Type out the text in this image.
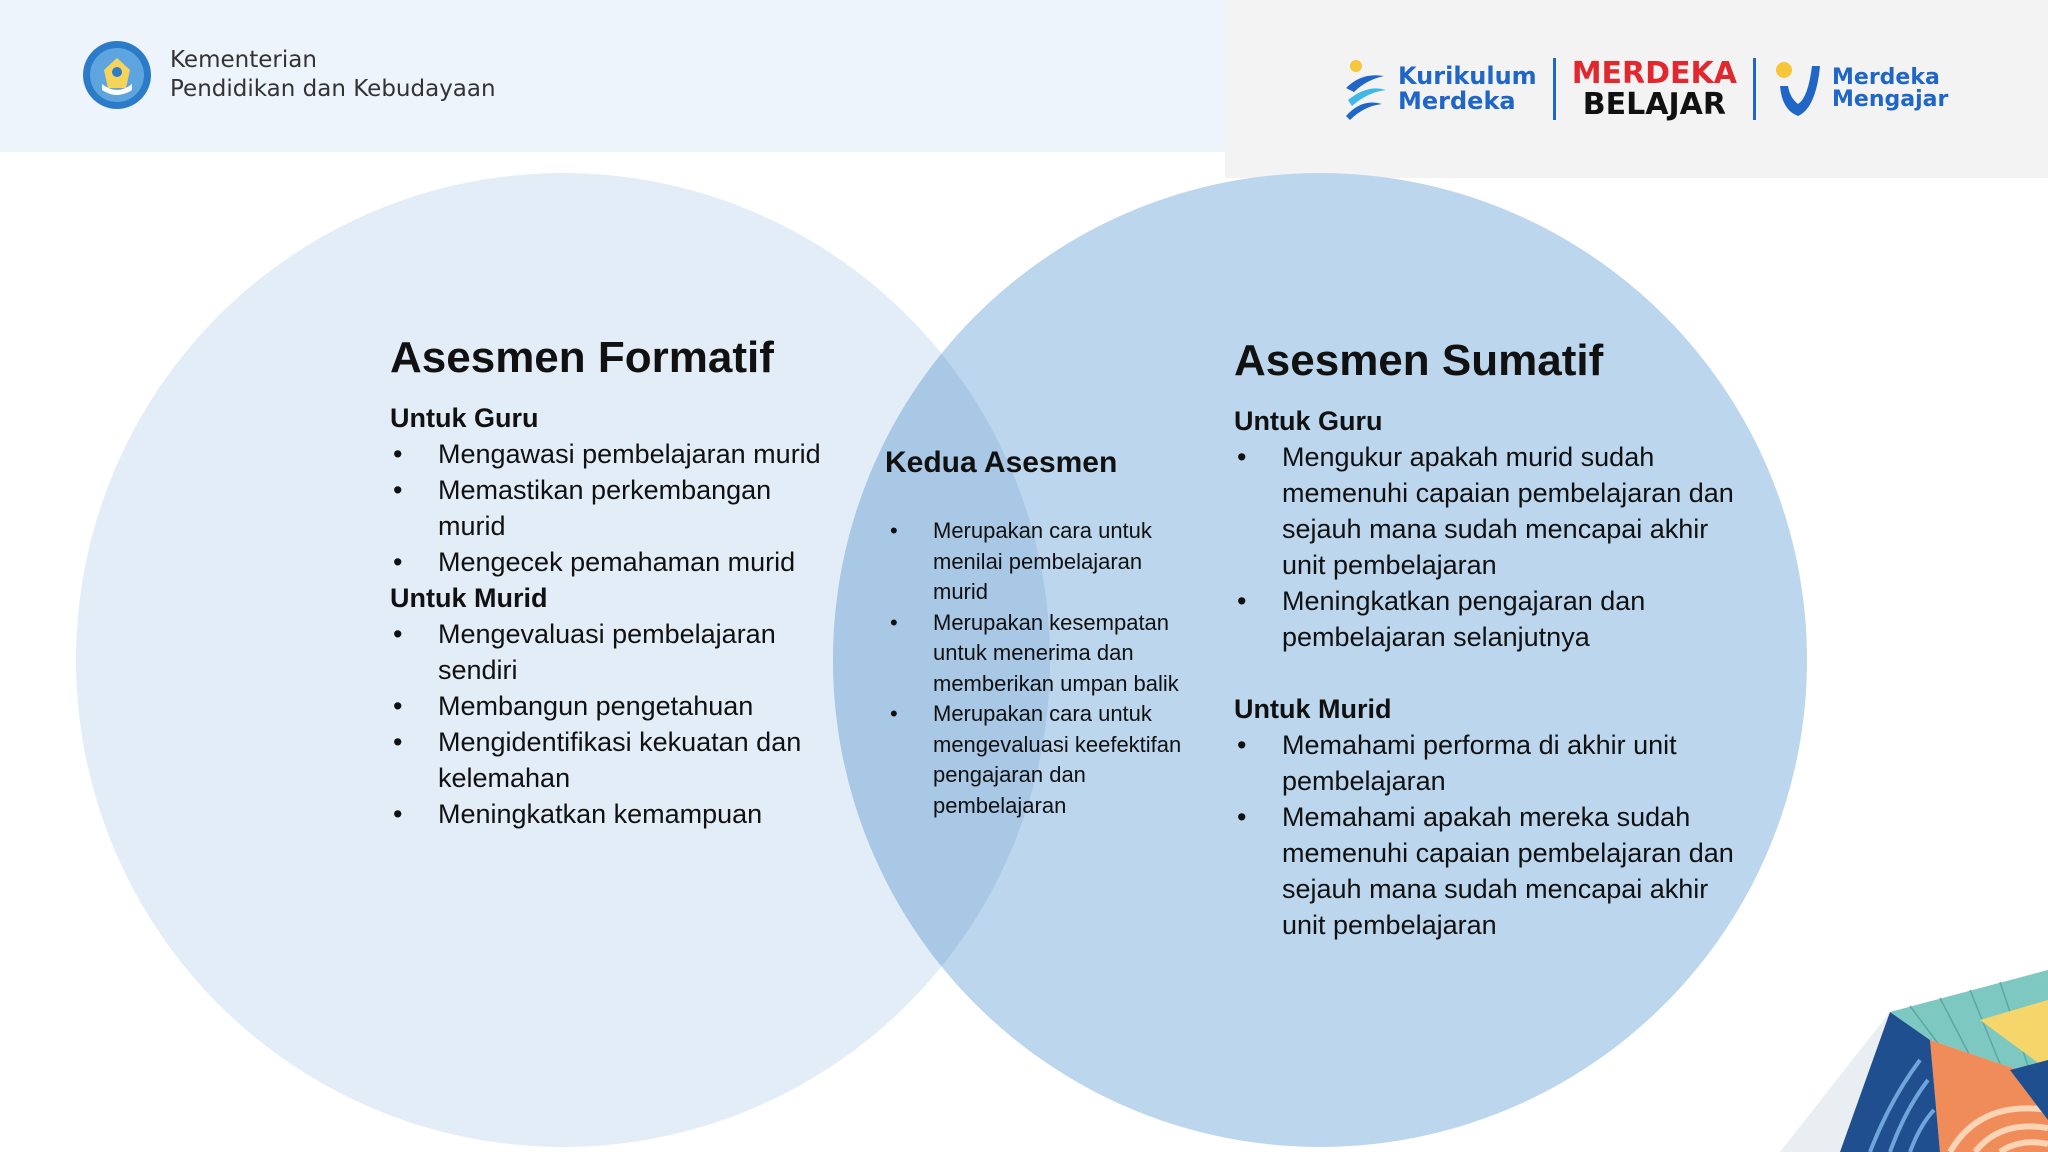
Kementerian
Pendidikan dan Kebudayaan	Kurikulum
Merdeka
MERDEKA
BELAJAR
Merdeka
Mengajar
Asesmen Formatif
Untuk Guru
• Mengawasi pembelajaran murid
• Memastikan perkembangan murid
• Mengecek pemahaman murid
Untuk Murid
• Mengevaluasi pembelajaran sendiri
• Membangun pengetahuan
• Mengidentifikasi kekuatan dan kelemahan
• Meningkatkan kemampuan
Kedua Asesmen
• Merupakan cara untuk menilai pembelajaran murid
• Merupakan kesempatan untuk menerima dan memberikan umpan balik
• Merupakan cara untuk mengevaluasi keefektifan pengajaran dan pembelajaran
Asesmen Sumatif
Untuk Guru
• Mengukur apakah murid sudah memenuhi capaian pembelajaran dan sejauh mana sudah mencapai akhir unit pembelajaran
• Meningkatkan pengajaran dan pembelajaran selanjutnya
Untuk Murid
• Memahami performa di akhir unit pembelajaran
• Memahami apakah mereka sudah memenuhi capaian pembelajaran dan sejauh mana sudah mencapai akhir unit pembelajaran
